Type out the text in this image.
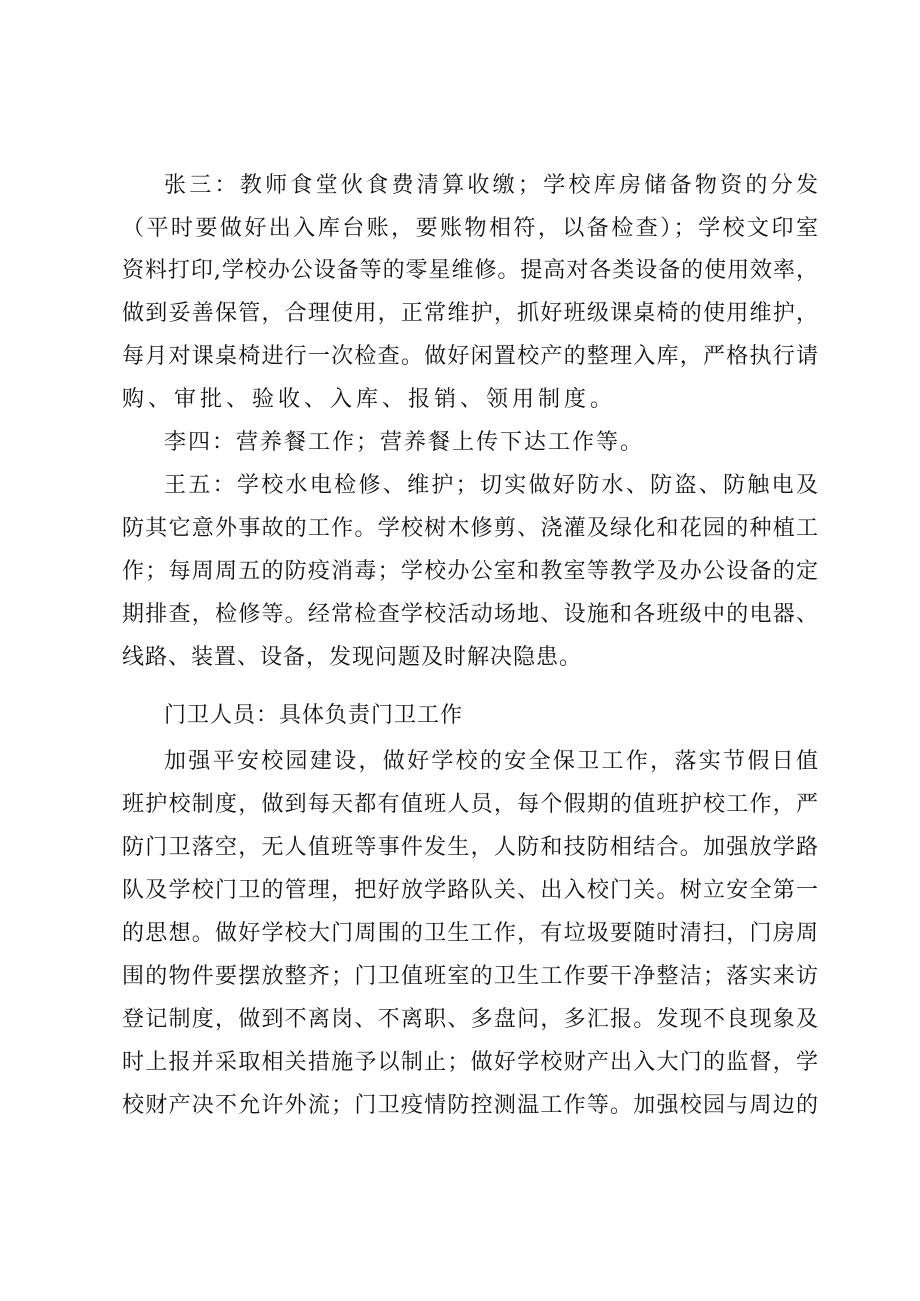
张三：教师食堂伙食费清算收缴；学校库房储备物资的分发
（平时要做好出入库台账，要账物相符，以备检查）；学校文印室
资料打印,学校办公设备等的零星维修。提高对各类设备的使用效率，
做到妥善保管，合理使用，正常维护，抓好班级课桌椅的使用维护，
每月对课桌椅进行一次检查。做好闲置校产的整理入库，严格执行请
购、审批、验收、入库、报销、领用制度。
李四：营养餐工作；营养餐上传下达工作等。
王五：学校水电检修、维护；切实做好防水、防盗、防触电及
防其它意外事故的工作。学校树木修剪、浇灌及绿化和花园的种植工
作；每周周五的防疫消毒；学校办公室和教室等教学及办公设备的定
期排查，检修等。经常检查学校活动场地、设施和各班级中的电器、
线路、装置、设备，发现问题及时解决隐患。
门卫人员：具体负责门卫工作
加强平安校园建设，做好学校的安全保卫工作，落实节假日值
班护校制度，做到每天都有值班人员，每个假期的值班护校工作，严
防门卫落空，无人值班等事件发生，人防和技防相结合。加强放学路
队及学校门卫的管理，把好放学路队关、出入校门关。树立安全第一
的思想。做好学校大门周围的卫生工作，有垃圾要随时清扫，门房周
围的物件要摆放整齐；门卫值班室的卫生工作要干净整洁；落实来访
登记制度，做到不离岗、不离职、多盘问，多汇报。发现不良现象及
时上报并采取相关措施予以制止；做好学校财产出入大门的监督，学
校财产决不允许外流；门卫疫情防控测温工作等。加强校园与周边的
